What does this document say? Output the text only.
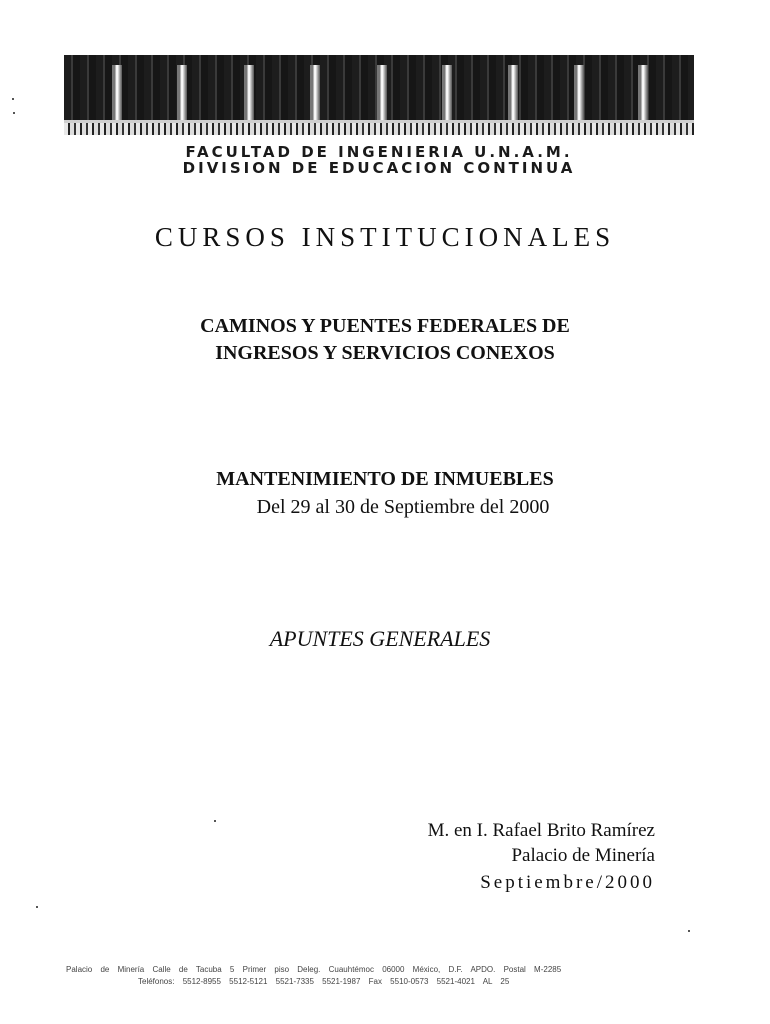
FACULTAD DE INGENIERIA U.N.A.M.
DIVISION DE EDUCACION CONTINUA
CURSOS INSTITUCIONALES
CAMINOS Y PUENTES FEDERALES DE
INGRESOS Y SERVICIOS CONEXOS
MANTENIMIENTO DE INMUEBLES
Del 29 al 30 de Septiembre del 2000
APUNTES GENERALES
M. en I. Rafael Brito Ramírez
Palacio de Minería
Septiembre/2000
Palacio de Minería Calle de Tacuba 5 Primer piso Deleg. Cuauhtémoc 06000 México, D.F. APDO. Postal M-2285
Teléfonos: 5512-8955 5512-5121 5521-7335 5521-1987 Fax 5510-0573 5521-4021 AL 25
